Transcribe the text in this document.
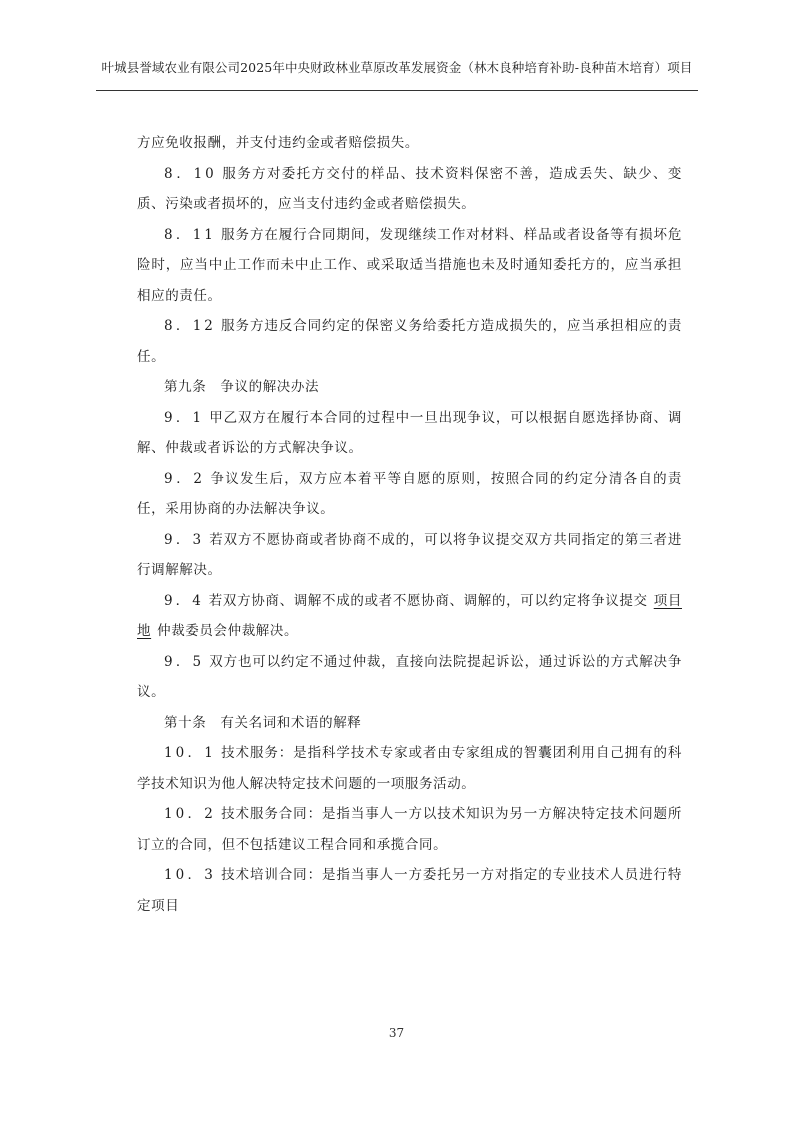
叶城县誉域农业有限公司2025年中央财政林业草原改革发展资金（林木良种培育补助-良种苗木培育）项目

方应免收报酬，并支付违约金或者赔偿损失。

8．10 服务方对委托方交付的样品、技术资料保密不善，造成丢失、缺少、变质、污染或者损坏的，应当支付违约金或者赔偿损失。

8．11 服务方在履行合同期间，发现继续工作对材料、样品或者设备等有损坏危险时，应当中止工作而未中止工作、或采取适当措施也未及时通知委托方的，应当承担相应的责任。

8．12 服务方违反合同约定的保密义务给委托方造成损失的，应当承担相应的责任。

第九条　争议的解决办法

9．1 甲乙双方在履行本合同的过程中一旦出现争议，可以根据自愿选择协商、调解、仲裁或者诉讼的方式解决争议。

9．2 争议发生后，双方应本着平等自愿的原则，按照合同的约定分清各自的责任，采用协商的办法解决争议。

9．3 若双方不愿协商或者协商不成的，可以将争议提交双方共同指定的第三者进行调解解决。

9．4 若双方协商、调解不成的或者不愿协商、调解的，可以约定将争议提交 项目地 仲裁委员会仲裁解决。

9．5 双方也可以约定不通过仲裁，直接向法院提起诉讼，通过诉讼的方式解决争议。

第十条　有关名词和术语的解释

10．1 技术服务：是指科学技术专家或者由专家组成的智囊团利用自己拥有的科学技术知识为他人解决特定技术问题的一项服务活动。

10．2 技术服务合同：是指当事人一方以技术知识为另一方解决特定技术问题所订立的合同，但不包括建议工程合同和承揽合同。

10．3 技术培训合同：是指当事人一方委托另一方对指定的专业技术人员进行特定项目

37
